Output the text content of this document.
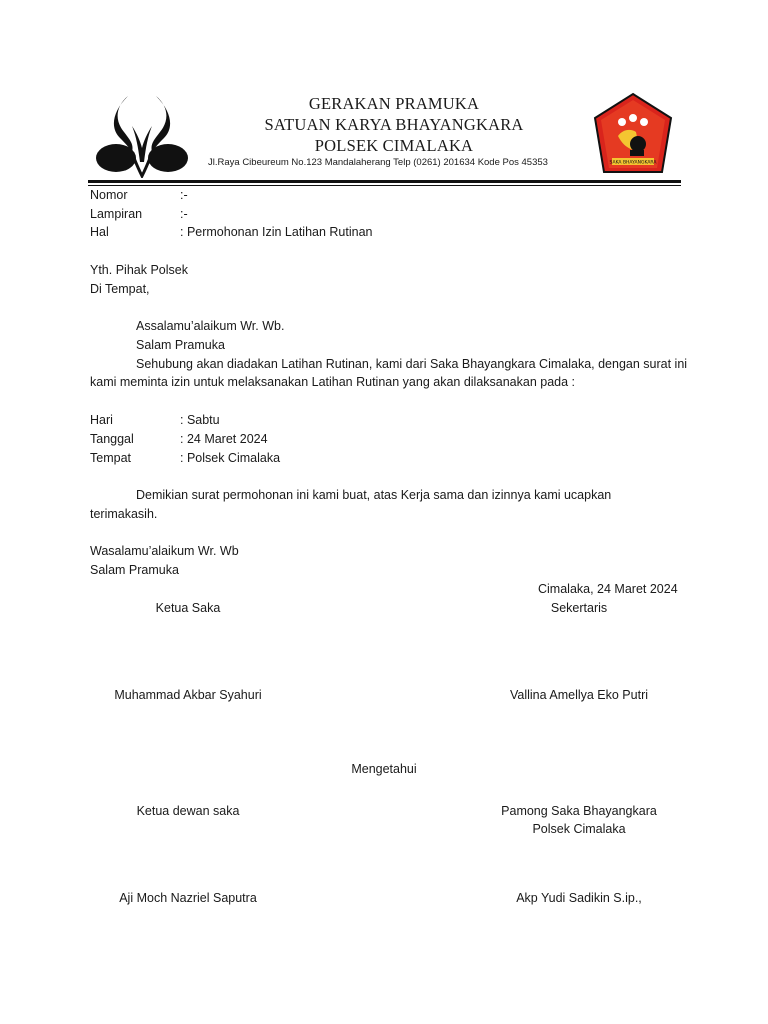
GERAKAN PRAMUKA
SATUAN KARYA BHAYANGKARA
POLSEK CIMALAKA
Jl.Raya Cibeureum No.123 Mandalaherang Telp (0261) 201634 Kode Pos 45353	SAKA BHAYANGKARA
Nomor	:-
Lampiran	:-
Hal	: Permohonan Izin Latihan Rutinan
Yth. Pihak Polsek
Di Tempat,
Assalamu’alaikum Wr. Wb.
Salam Pramuka
Sehubung akan diadakan Latihan Rutinan, kami dari Saka Bhayangkara Cimalaka, dengan surat ini
kami meminta izin untuk melaksanakan Latihan Rutinan yang akan dilaksanakan pada :
Hari	: Sabtu
Tanggal	: 24 Maret 2024
Tempat	: Polsek Cimalaka
Demikian surat permohonan ini kami buat, atas Kerja sama dan izinnya kami ucapkan
terimakasih.
Wasalamu’alaikum Wr. Wb
Salam Pramuka
Cimalaka, 24 Maret 2024
Ketua Saka	Sekertaris
Muhammad Akbar Syahuri	Vallina Amellya Eko Putri
Mengetahui
Ketua dewan saka	Pamong Saka Bhayangkara
Polsek Cimalaka
Aji Moch Nazriel Saputra	Akp Yudi Sadikin S.ip.,
